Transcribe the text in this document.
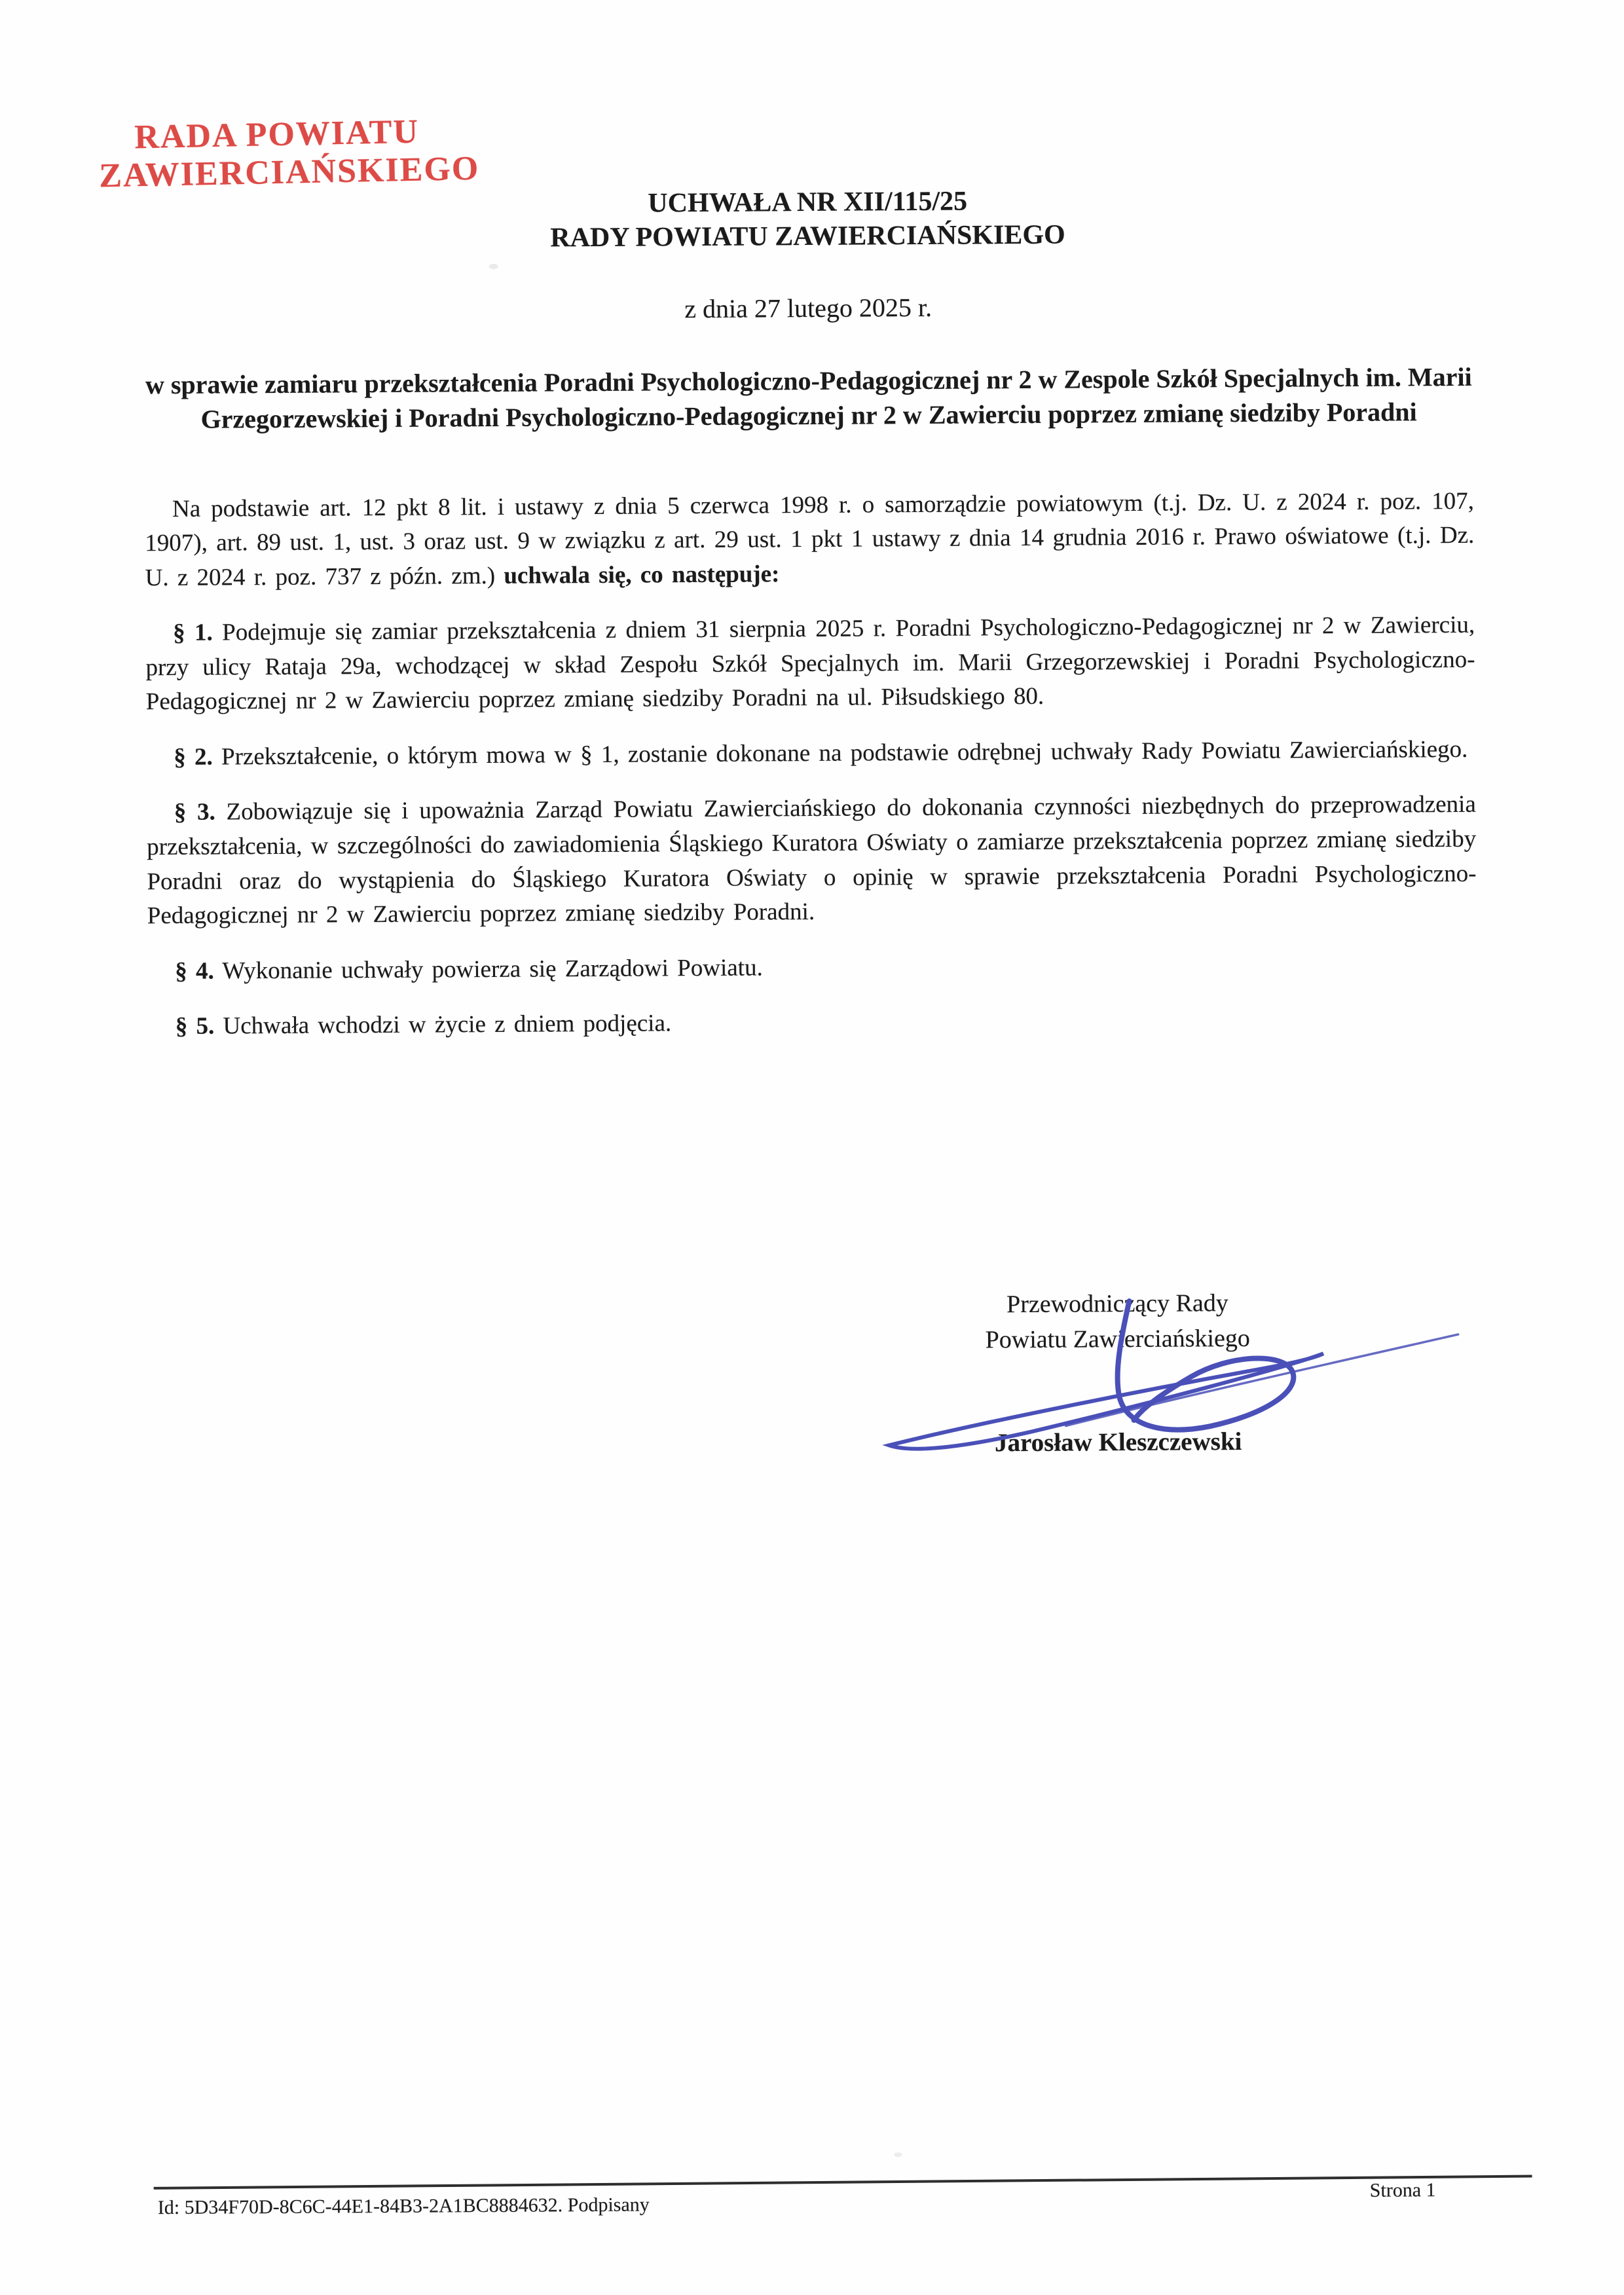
RADA POWIATU
ZAWIERCIAŃSKIEGO
UCHWAŁA NR XII/115/25
RADY POWIATU ZAWIERCIAŃSKIEGO
z dnia 27 lutego 2025 r.
w sprawie zamiaru przekształcenia Poradni Psychologiczno-Pedagogicznej nr 2 w Zespole Szkół Specjalnych im. Marii Grzegorzewskiej i Poradni Psychologiczno-Pedagogicznej nr 2 w Zawierciu poprzez zmianę siedziby Poradni

Na podstawie art. 12 pkt 8 lit. i ustawy z dnia 5 czerwca 1998 r. o samorządzie powiatowym (t.j. Dz. U. z 2024 r. poz. 107, 1907), art. 89 ust. 1, ust. 3 oraz ust. 9 w związku z art. 29 ust. 1 pkt 1 ustawy z dnia 14 grudnia 2016 r. Prawo oświatowe (t.j. Dz. U. z 2024 r. poz. 737 z późn. zm.) uchwala się, co następuje:

§ 1. Podejmuje się zamiar przekształcenia z dniem 31 sierpnia 2025 r. Poradni Psychologiczno-Pedagogicznej nr 2 w Zawierciu, przy ulicy Rataja 29a, wchodzącej w skład Zespołu Szkół Specjalnych im. Marii Grzegorzewskiej i Poradni Psychologiczno-Pedagogicznej nr 2 w Zawierciu poprzez zmianę siedziby Poradni na ul. Piłsudskiego 80.

§ 2. Przekształcenie, o którym mowa w § 1, zostanie dokonane na podstawie odrębnej uchwały Rady Powiatu Zawierciańskiego.

§ 3. Zobowiązuje się i upoważnia Zarząd Powiatu Zawierciańskiego do dokonania czynności niezbędnych do przeprowadzenia przekształcenia, w szczególności do zawiadomienia Śląskiego Kuratora Oświaty o zamiarze przekształcenia poprzez zmianę siedziby Poradni oraz do wystąpienia do Śląskiego Kuratora Oświaty o opinię w sprawie przekształcenia Poradni Psychologiczno-Pedagogicznej nr 2 w Zawierciu poprzez zmianę siedziby Poradni.

§ 4. Wykonanie uchwały powierza się Zarządowi Powiatu.

§ 5. Uchwała wchodzi w życie z dniem podjęcia.

Przewodniczący Rady
Powiatu Zawierciańskiego
Jarosław Kleszczewski
Id: 5D34F70D-8C6C-44E1-84B3-2A1BC8884632. Podpisany
Strona 1
